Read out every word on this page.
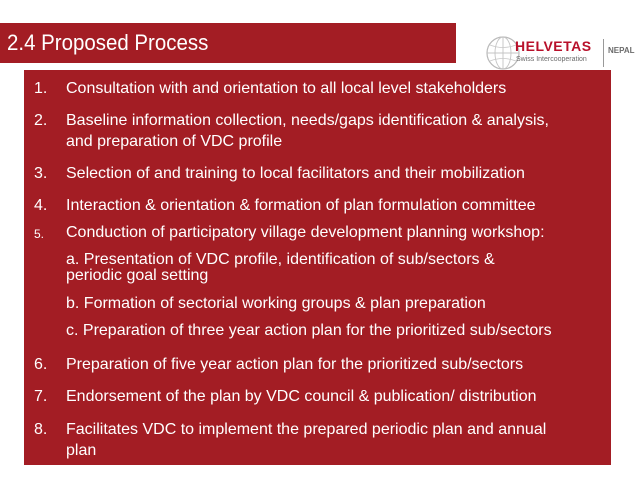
2.4 Proposed Process	HELVETAS
Swiss Intercooperation
NEPAL
1. Consultation with and orientation to all local level stakeholders
2. Baseline information collection, needs/gaps identification & analysis,
and preparation of VDC profile
3. Selection of and training to local facilitators and their mobilization
4. Interaction & orientation & formation of plan formulation committee
5. Conduction of participatory village development planning workshop:
a. Presentation of VDC profile, identification of sub/sectors &
periodic goal setting
b. Formation of sectorial working groups & plan preparation
c. Preparation of three year action plan for the prioritized sub/sectors
6. Preparation of five year action plan for the prioritized sub/sectors
7. Endorsement of the plan by VDC council & publication/ distribution
8. Facilitates VDC to implement the prepared periodic plan and annual
plan
